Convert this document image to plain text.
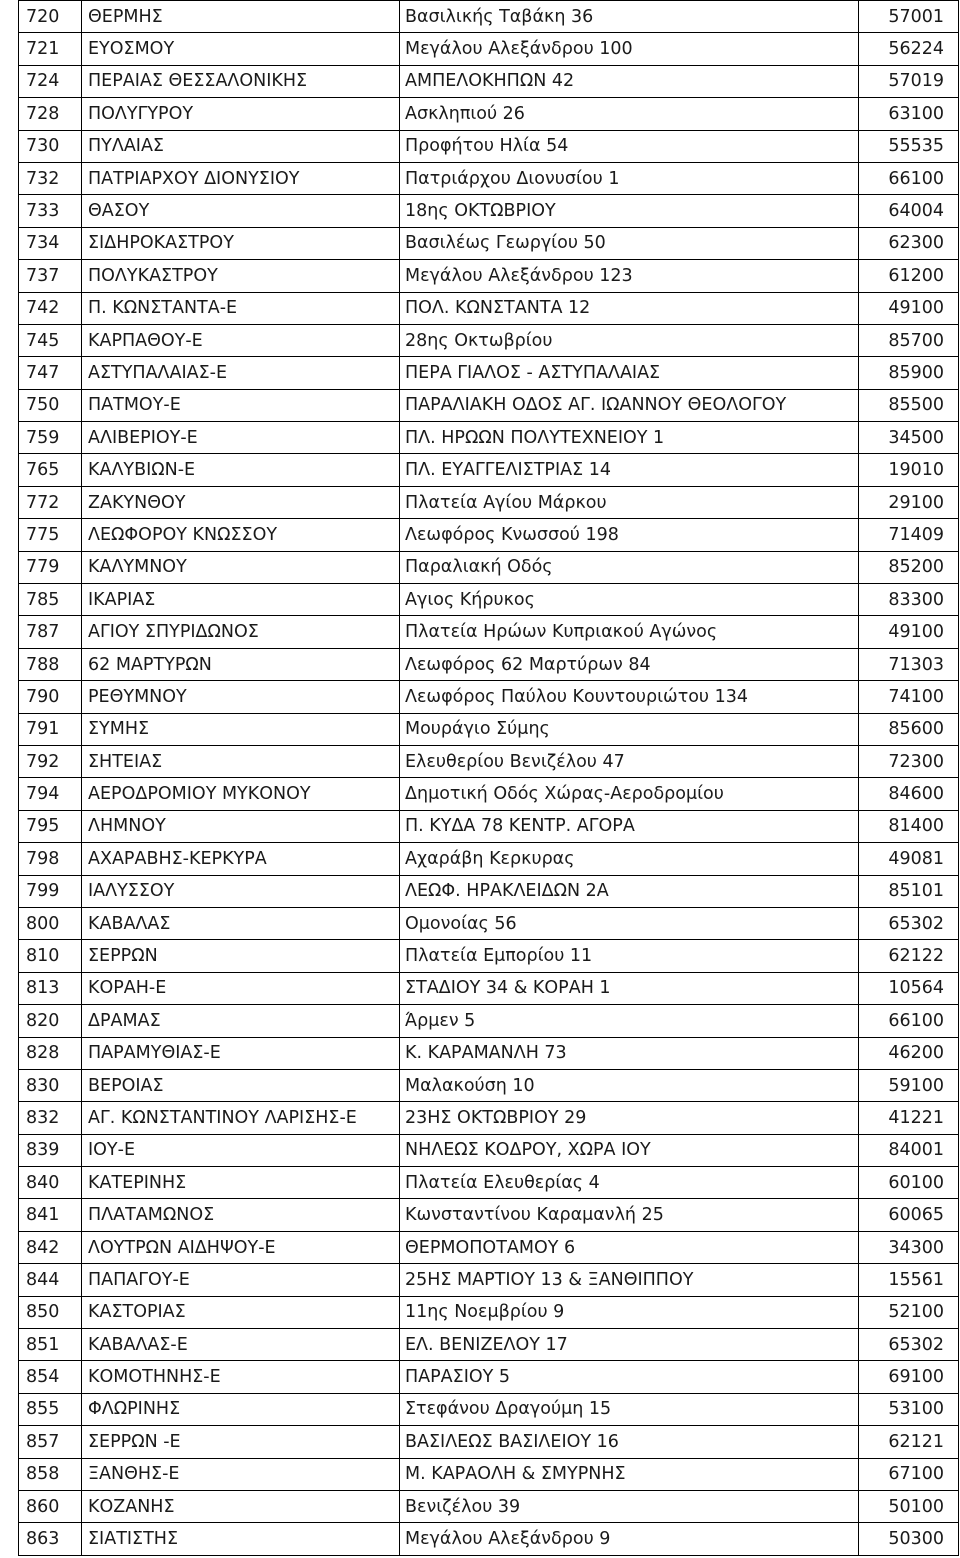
720	ΘΕΡΜΗΣ	Βασιλικής Ταβάκη 36	57001
721	ΕΥΟΣΜΟΥ	Μεγάλου Αλεξάνδρου 100	56224
724	ΠΕΡΑΙΑΣ ΘΕΣΣΑΛΟΝΙΚΗΣ	ΑΜΠΕΛΟΚΗΠΩΝ 42	57019
728	ΠΟΛΥΓΥΡΟΥ	Ασκληπιού 26	63100
730	ΠΥΛΑΙΑΣ	Προφήτου Ηλία 54	55535
732	ΠΑΤΡΙΑΡΧΟΥ ΔΙΟΝΥΣΙΟΥ	Πατριάρχου Διονυσίου 1	66100
733	ΘΑΣΟΥ	18ης ΟΚΤΩΒΡΙΟΥ	64004
734	ΣΙΔΗΡΟΚΑΣΤΡΟΥ	Βασιλέως Γεωργίου 50	62300
737	ΠΟΛΥΚΑΣΤΡΟΥ	Μεγάλου Αλεξάνδρου 123	61200
742	Π. ΚΩΝΣΤΑΝΤΑ-Ε	ΠΟΛ. ΚΩΝΣΤΑΝΤΑ 12	49100
745	ΚΑΡΠΑΘΟΥ-Ε	28ης Οκτωβρίου	85700
747	ΑΣΤΥΠΑΛΑΙΑΣ-Ε	ΠΕΡΑ ΓΙΑΛΟΣ - ΑΣΤΥΠΑΛΑΙΑΣ	85900
750	ΠΑΤΜΟΥ-Ε	ΠΑΡΑΛΙΑΚΗ ΟΔΟΣ ΑΓ. ΙΩΑΝΝΟΥ ΘΕΟΛΟΓΟΥ	85500
759	ΑΛΙΒΕΡΙΟΥ-Ε	ΠΛ. ΗΡΩΩΝ ΠΟΛΥΤΕΧΝΕΙΟΥ 1	34500
765	ΚΑΛΥΒΙΩΝ-Ε	ΠΛ. ΕΥΑΓΓΕΛΙΣΤΡΙΑΣ 14	19010
772	ΖΑΚΥΝΘΟΥ	Πλατεία Αγίου Μάρκου	29100
775	ΛΕΩΦΟΡΟΥ ΚΝΩΣΣΟΥ	Λεωφόρος Κνωσσού 198	71409
779	ΚΑΛΥΜΝΟΥ	Παραλιακή Οδός	85200
785	ΙΚΑΡΙΑΣ	Αγιος Κήρυκος	83300
787	ΑΓΙΟΥ ΣΠΥΡΙΔΩΝΟΣ	Πλατεία Ηρώων Κυπριακού Αγώνος	49100
788	62 ΜΑΡΤΥΡΩΝ	Λεωφόρος 62 Μαρτύρων 84	71303
790	ΡΕΘΥΜΝΟΥ	Λεωφόρος Παύλου Κουντουριώτου 134	74100
791	ΣΥΜΗΣ	Μουράγιο Σύμης	85600
792	ΣΗΤΕΙΑΣ	Ελευθερίου Βενιζέλου 47	72300
794	ΑΕΡΟΔΡΟΜΙΟΥ ΜΥΚΟΝΟΥ	Δημοτική Οδός Χώρας-Αεροδρομίου	84600
795	ΛΗΜΝΟΥ	Π. ΚΥΔΑ 78 ΚΕΝΤΡ. ΑΓΟΡΑ	81400
798	ΑΧΑΡΑΒΗΣ-ΚΕΡΚΥΡΑ	Αχαράβη Κερκυρας	49081
799	ΙΑΛΥΣΣΟΥ	ΛΕΩΦ. ΗΡΑΚΛΕΙΔΩΝ 2Α	85101
800	ΚΑΒΑΛΑΣ	Ομονοίας 56	65302
810	ΣΕΡΡΩΝ	Πλατεία Εμπορίου 11	62122
813	ΚΟΡΑΗ-Ε	ΣΤΑΔΙΟΥ 34 & ΚΟΡΑΗ 1	10564
820	ΔΡΑΜΑΣ	Άρμεν 5	66100
828	ΠΑΡΑΜΥΘΙΑΣ-Ε	Κ. ΚΑΡΑΜΑΝΛΗ 73	46200
830	ΒΕΡΟΙΑΣ	Μαλακούση 10	59100
832	ΑΓ. ΚΩΝΣΤΑΝΤΙΝΟΥ ΛΑΡΙΣΗΣ-Ε	23ΗΣ ΟΚΤΩΒΡΙΟΥ 29	41221
839	ΙΟΥ-Ε	ΝΗΛΕΩΣ ΚΟΔΡΟΥ, ΧΩΡΑ ΙΟΥ	84001
840	ΚΑΤΕΡΙΝΗΣ	Πλατεία Ελευθερίας 4	60100
841	ΠΛΑΤΑΜΩΝΟΣ	Κωνσταντίνου Καραμανλή 25	60065
842	ΛΟΥΤΡΩΝ ΑΙΔΗΨΟΥ-Ε	ΘΕΡΜΟΠΟΤΑΜΟΥ 6	34300
844	ΠΑΠΑΓΟΥ-Ε	25ΗΣ ΜΑΡΤΙΟΥ 13 & ΞΑΝΘΙΠΠΟΥ	15561
850	ΚΑΣΤΟΡΙΑΣ	11ης Νοεμβρίου 9	52100
851	ΚΑΒΑΛΑΣ-Ε	ΕΛ. ΒΕΝΙΖΕΛΟΥ 17	65302
854	ΚΟΜΟΤΗΝΗΣ-Ε	ΠΑΡΑΣΙΟΥ 5	69100
855	ΦΛΩΡΙΝΗΣ	Στεφάνου Δραγούμη 15	53100
857	ΣΕΡΡΩΝ -Ε	ΒΑΣΙΛΕΩΣ ΒΑΣΙΛΕΙΟΥ 16	62121
858	ΞΑΝΘΗΣ-Ε	Μ. ΚΑΡΑΟΛΗ & ΣΜΥΡΝΗΣ	67100
860	ΚΟΖΑΝΗΣ	Βενιζέλου 39	50100
863	ΣΙΑΤΙΣΤΗΣ	Μεγάλου Αλεξάνδρου 9	50300
